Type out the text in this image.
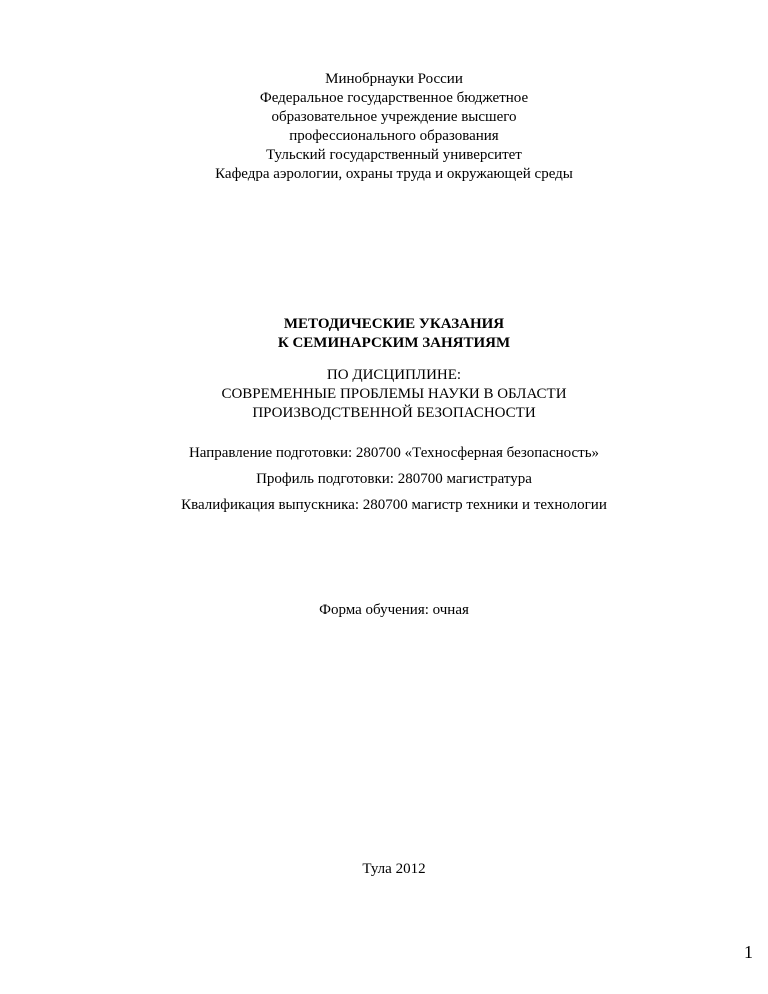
Минобрнауки России
Федеральное государственное бюджетное
образовательное учреждение высшего
профессионального образования
Тульский государственный университет
Кафедра аэрологии, охраны труда и окружающей среды
МЕТОДИЧЕСКИЕ УКАЗАНИЯ
К СЕМИНАРСКИМ ЗАНЯТИЯМ
ПО ДИСЦИПЛИНЕ:
СОВРЕМЕННЫЕ ПРОБЛЕМЫ НАУКИ В ОБЛАСТИ
ПРОИЗВОДСТВЕННОЙ БЕЗОПАСНОСТИ
Направление подготовки: 280700 «Техносферная безопасность»
Профиль подготовки: 280700 магистратура
Квалификация выпускника: 280700 магистр техники и технологии
Форма обучения: очная
Тула 2012
1
